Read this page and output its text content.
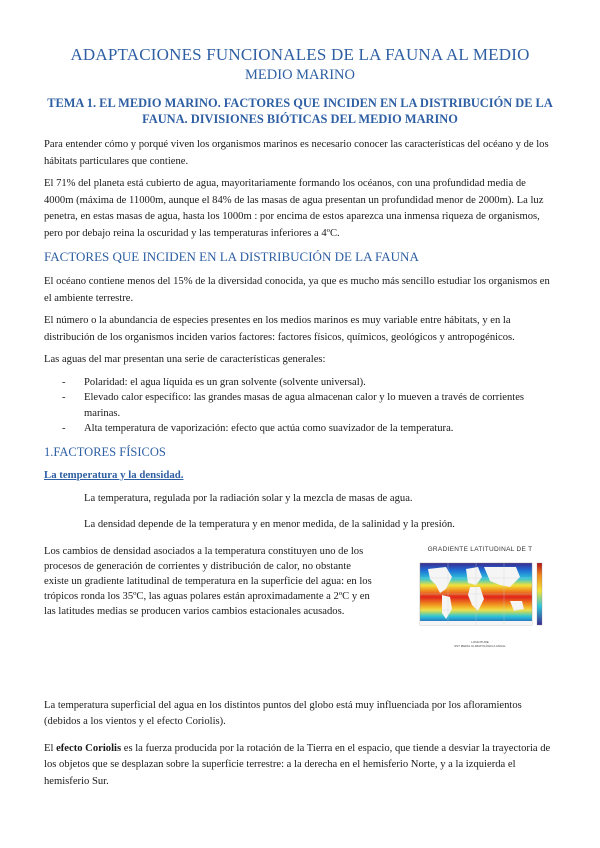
ADAPTACIONES FUNCIONALES DE LA FAUNA AL MEDIO
MEDIO MARINO
TEMA 1. EL MEDIO MARINO. FACTORES QUE INCIDEN EN LA DISTRIBUCIÓN DE LA FAUNA. DIVISIONES BIÓTICAS DEL MEDIO MARINO

Para entender cómo y porqué viven los organismos marinos es necesario conocer las características del océano y de los hábitats particulares que contiene.

El 71% del planeta está cubierto de agua, mayoritariamente formando los océanos, con una profundidad media de 4000m (máxima de 11000m, aunque el 84% de las masas de agua presentan un profundidad menor de 2000m). La luz penetra, en estas masas de agua, hasta los 1000m : por encima de estos aparezca una inmensa riqueza de organismos, pero por debajo reina la oscuridad y las temperaturas inferiores a 4ºC.

FACTORES QUE INCIDEN EN LA DISTRIBUCIÓN DE LA FAUNA

El océano contiene menos del 15% de la diversidad conocida, ya que es mucho más sencillo estudiar los organismos en el ambiente terrestre.

El número o la abundancia de especies presentes en los medios marinos es muy variable entre hábitats, y en la distribución de los organismos inciden varios factores: factores físicos, químicos, geológicos y antropogénicos.

Las aguas del mar presentan una serie de características generales:

- Polaridad: el agua líquida es un gran solvente (solvente universal).
- Elevado calor específico: las grandes masas de agua almacenan calor y lo mueven a través de corrientes marinas.
- Alta temperatura de vaporización: efecto que actúa como suavizador de la temperatura.
1.FACTORES FÍSICOS
La temperatura y la densidad.

La temperatura, regulada por la radiación solar y la mezcla de masas de agua.

La densidad depende de la temperatura y en menor medida, de la salinidad y la presión.

Los cambios de densidad asociados a la temperatura constituyen uno de los procesos de generación de corrientes y distribución de calor, no obstante existe un gradiente latitudinal de temperatura en la superficie del agua: en los trópicos ronda los 35ºC, las aguas polares están aproximadamente a 2ºC y en las latitudes medias se producen varios cambios estacionales acusados.

GRADIENTE LATITUDINAL DE T
LONGITUDE
SST MEDIA CLIMATOLÓGICA ANUAL

La temperatura superficial del agua en los distintos puntos del globo está muy influenciada por los afloramientos (debidos a los vientos y el efecto Coriolis).

El efecto Coriolis es la fuerza producida por la rotación de la Tierra en el espacio, que tiende a desviar la trayectoria de los objetos que se desplazan sobre la superficie terrestre: a la derecha en el hemisferio Norte, y a la izquierda el hemisferio Sur.
